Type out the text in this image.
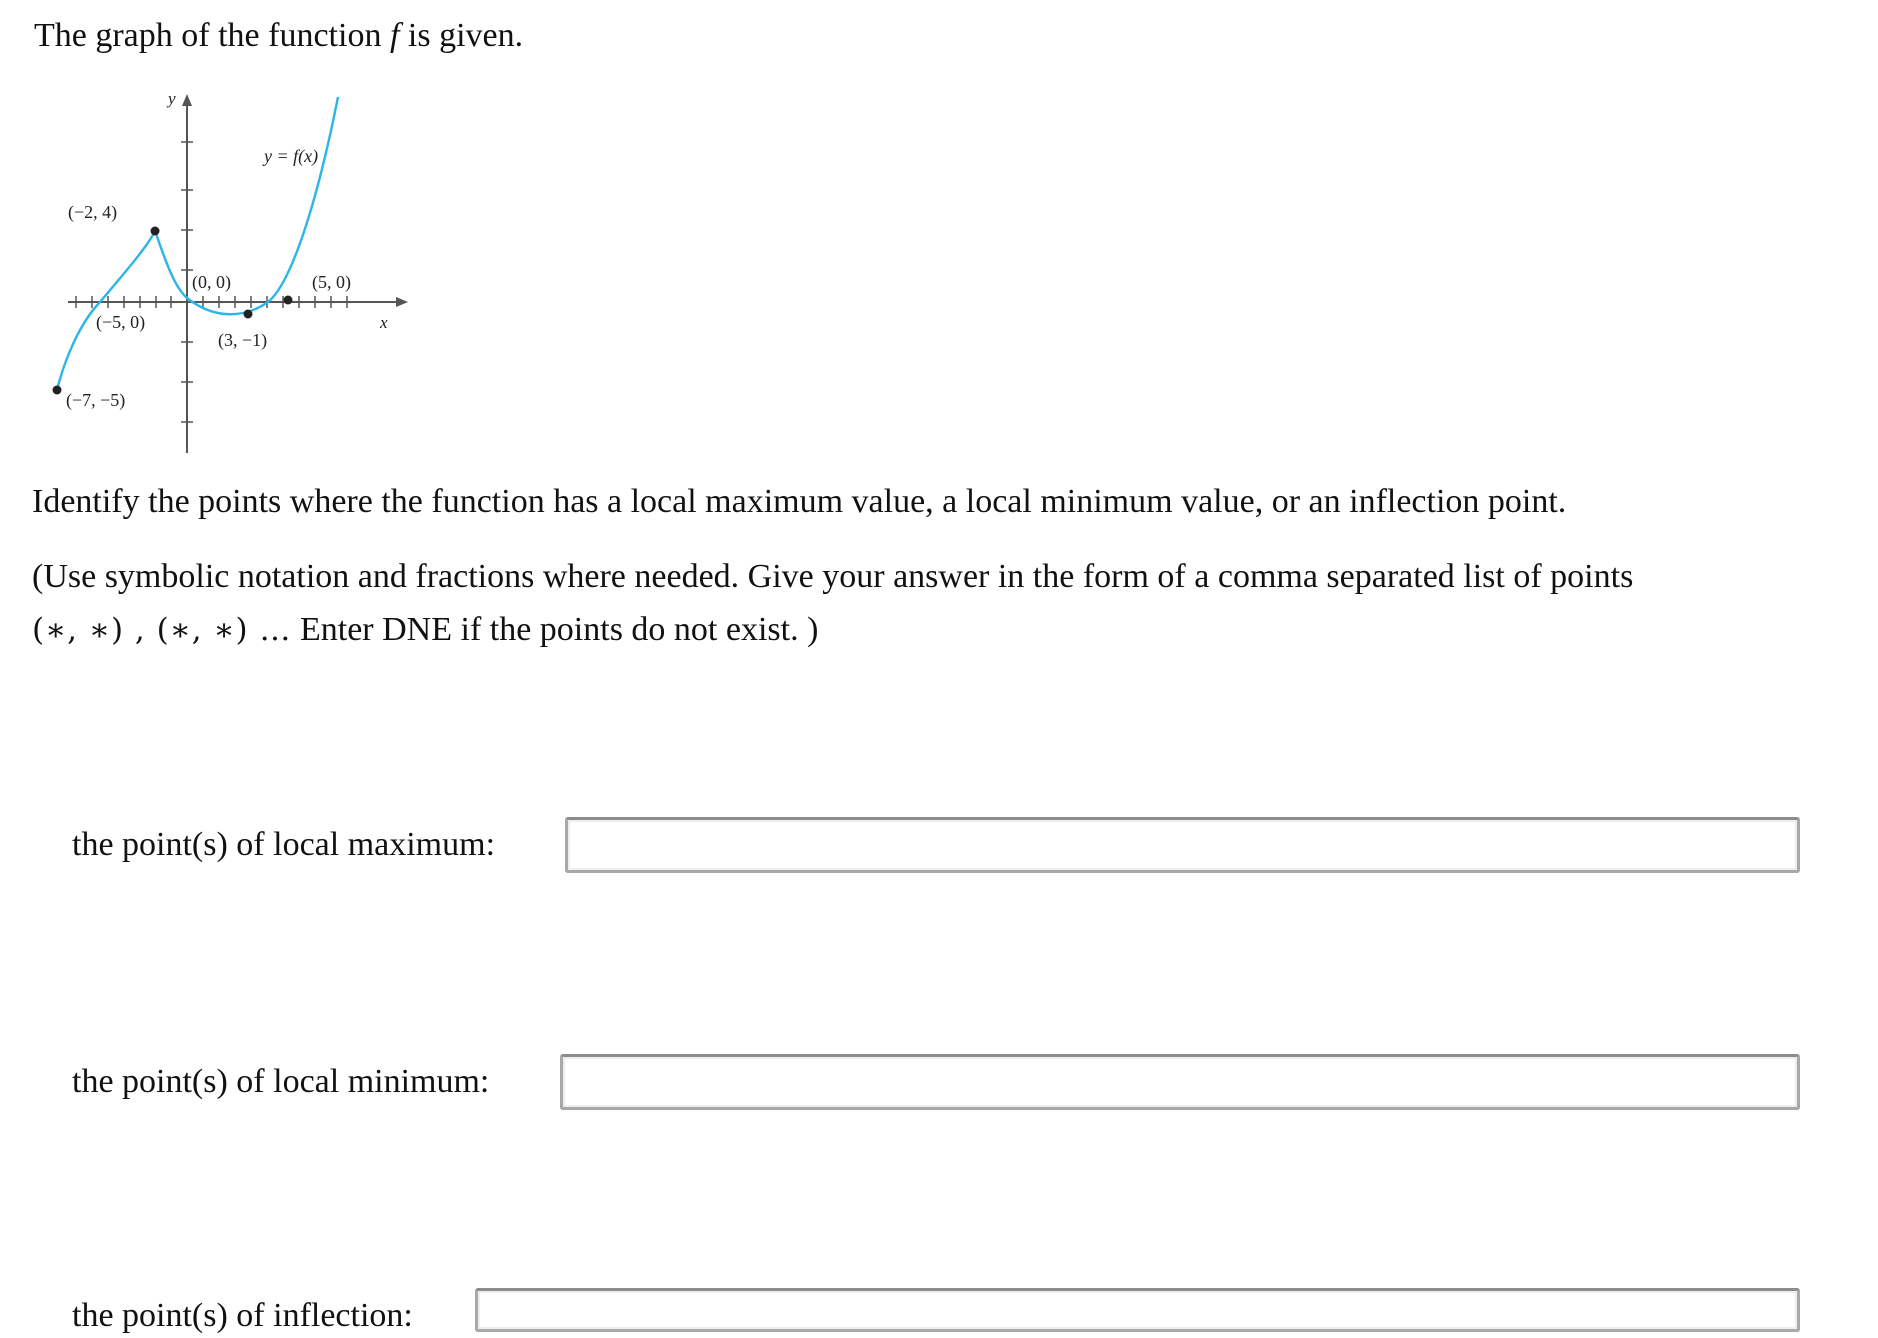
The graph of the function f is given.

y
x
y = f(x)
(−2, 4)
(0, 0)	(5, 0)
(−5, 0)
(3, −1)
(−7, −5)

Identify the points where the function has a local maximum value, a local minimum value, or an inflection point.

(Use symbolic notation and fractions where needed. Give your answer in the form of a comma separated list of points
(∗, ∗) , (∗, ∗) … Enter DNE if the points do not exist. )

the point(s) of local maximum:
the point(s) of local minimum:
the point(s) of inflection:
